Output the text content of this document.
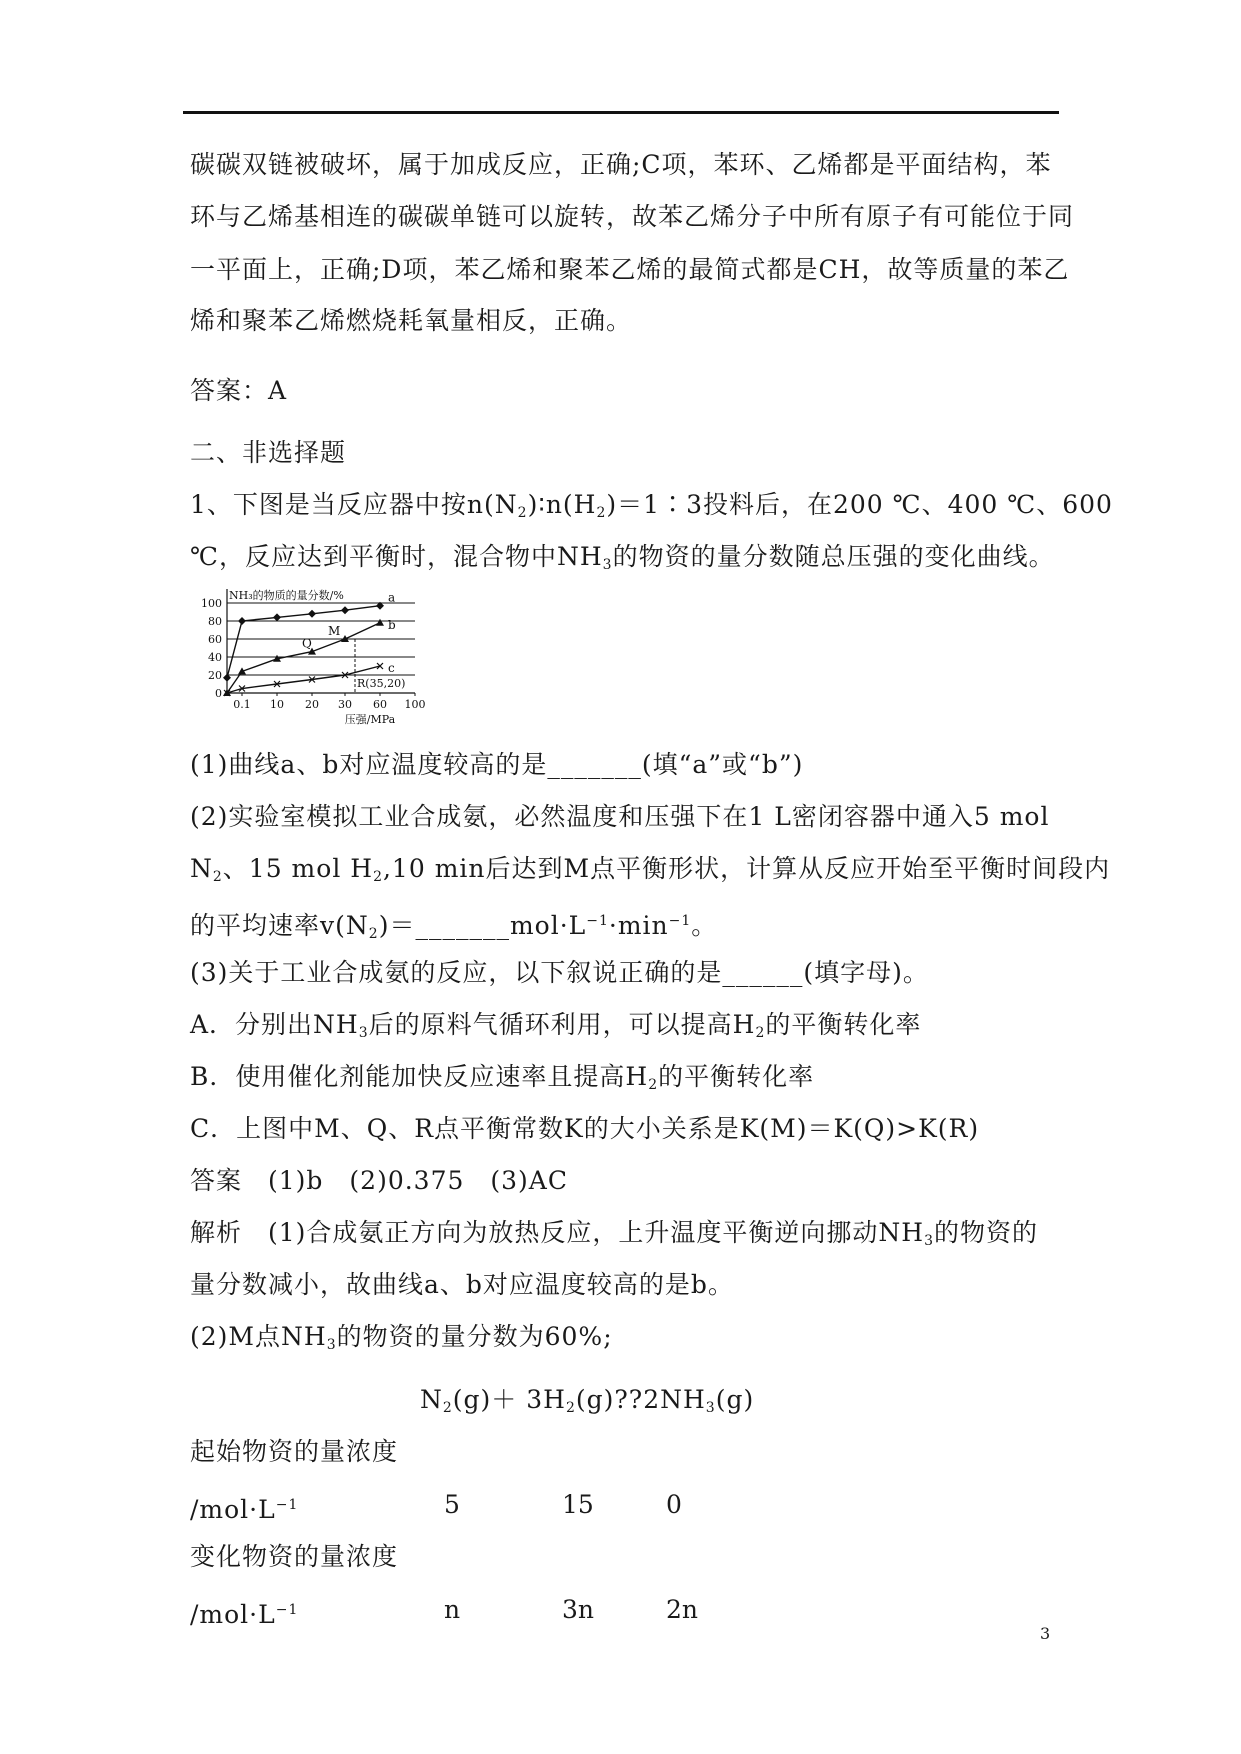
碳碳双链被破坏，属于加成反应，正确;C项，苯环、乙烯都是平面结构，苯
环与乙烯基相连的碳碳单链可以旋转，故苯乙烯分子中所有原子有可能位于同
一平面上，正确;D项，苯乙烯和聚苯乙烯的最简式都是CH，故等质量的苯乙
烯和聚苯乙烯燃烧耗氧量相反，正确。
答案：A
二、非选择题
1、下图是当反应器中按$n(N_2)∶n(H_2)=1∶3$投料后，在200 ℃、400 ℃、600
℃，反应达到平衡时，混合物中$NH_3$的物资的量分数随总压强的变化曲线。
0
20
40
60
80
100
0.1 10 20 30 60 100
NH₃的物质的量分数/%
压强/MPa
a
b
c
Q
M
R(35,20)
(1)曲线a、b对应温度较高的是_______(填“a”或“b”)
(2)实验室模拟工业合成氨，必然温度和压强下在1 L密闭容器中通入5 mol
$N_2$、15 mol $H_2,10$ min后达到M点平衡形状，计算从反应开始至平衡时间段内
的平均速率$v(N_2)=\_\_\_\_\_\_\_mol\cdot L^{-1}\cdot\min^{-1}$。
(3)关于工业合成氨的反应，以下叙说正确的是______(填字母)。
A．分别出$NH_3$后的原料气循环利用，可以提高$H_2$的平衡转化率
B．使用催化剂能加快反应速率且提高$H_2$的平衡转化率
C．上图中M、Q、R点平衡常数K的大小关系是K(M)＝K(Q)>K(R)
答案　(1)b　(2)0.375　(3)AC
解析　(1)合成氨正方向为放热反应，上升温度平衡逆向挪动$NH_3$的物资的
量分数减小，故曲线a、b对应温度较高的是b。
(2)M点$NH_3$的物资的量分数为60%;
$N_2(g)+$ $3H_2(g)??2NH_3(g)$
起始物资的量浓度
$/mol\cdot L^{-1}$	5	15	0
变化物资的量浓度
$/mol\cdot L^{-1}$	n	3n	2n
3
